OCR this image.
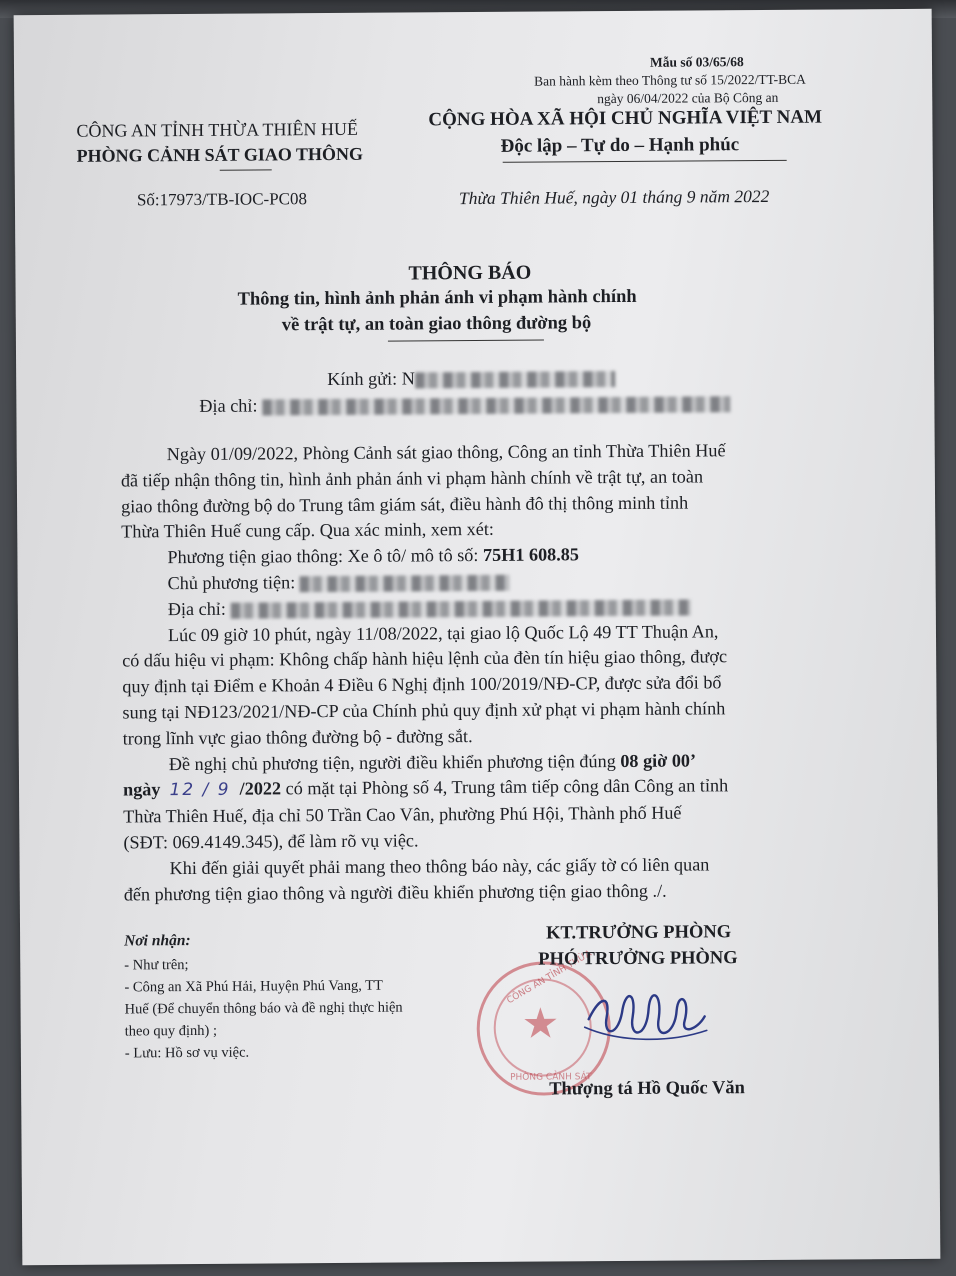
Mẫu số 03/65/68
Ban hành kèm theo Thông tư số 15/2022/TT-BCA
ngày 06/04/2022 của Bộ Công an
CÔNG AN TỈNH THỪA THIÊN HUẾ
PHÒNG CẢNH SÁT GIAO THÔNG
Số:17973/TB-IOC-PC08
CỘNG HÒA XÃ HỘI CHỦ NGHĨA VIỆT NAM
Độc lập – Tự do – Hạnh phúc
Thừa Thiên Huế, ngày 01 tháng 9 năm 2022
THÔNG BÁO
Thông tin, hình ảnh phản ánh vi phạm hành chính
về trật tự, an toàn giao thông đường bộ
Kính gửi: N
Địa chỉ:
Ngày 01/09/2022, Phòng Cảnh sát giao thông, Công an tỉnh Thừa Thiên Huế
đã tiếp nhận thông tin, hình ảnh phản ánh vi phạm hành chính về trật tự, an toàn
giao thông đường bộ do Trung tâm giám sát, điều hành đô thị thông minh tỉnh
Thừa Thiên Huế cung cấp. Qua xác minh, xem xét:
Phương tiện giao thông: Xe ô tô/ mô tô số: 75H1 608.85
Chủ phương tiện:
Địa chỉ:
Lúc 09 giờ 10 phút, ngày 11/08/2022, tại giao lộ Quốc Lộ 49 TT Thuận An,
có dấu hiệu vi phạm: Không chấp hành hiệu lệnh của đèn tín hiệu giao thông, được
quy định tại Điểm e Khoản 4 Điều 6 Nghị định 100/2019/NĐ-CP, được sửa đổi bổ
sung tại NĐ123/2021/NĐ-CP của Chính phủ quy định xử phạt vi phạm hành chính
trong lĩnh vực giao thông đường bộ - đường sắt.
Đề nghị chủ phương tiện, người điều khiển phương tiện đúng 08 giờ 00’
ngày 12 / 9 /2022 có mặt tại Phòng số 4, Trung tâm tiếp công dân Công an tỉnh
Thừa Thiên Huế, địa chỉ 50 Trần Cao Vân, phường Phú Hội, Thành phố Huế
(SĐT: 069.4149.345), để làm rõ vụ việc.
Khi đến giải quyết phải mang theo thông báo này, các giấy tờ có liên quan
đến phương tiện giao thông và người điều khiển phương tiện giao thông ./.
Nơi nhận:
- Như trên;
- Công an Xã Phú Hải, Huyện Phú Vang, TT
Huế (Để chuyển thông báo và đề nghị thực hiện
theo quy định) ;
- Lưu: Hồ sơ vụ việc.
CÔNG AN TỈNH THỪA
★
PHÒNG CẢNH SÁT
KT.TRƯỞNG PHÒNG
PHÓ TRƯỞNG PHÒNG
Thượng tá Hồ Quốc Văn
